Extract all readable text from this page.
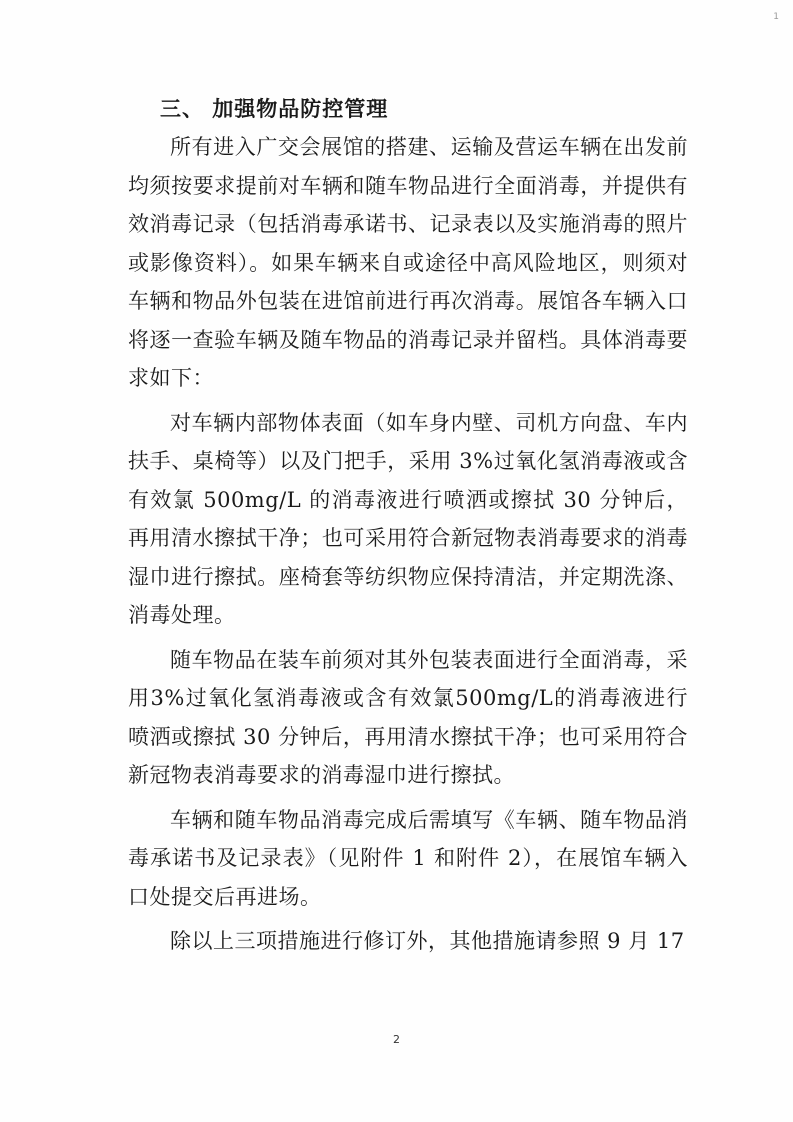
1
三、 加强物品防控管理

所有进入广交会展馆的搭建、运输及营运车辆在出发前均须按要求提前对车辆和随车物品进行全面消毒，并提供有效消毒记录（包括消毒承诺书、记录表以及实施消毒的照片或影像资料）。如果车辆来自或途径中高风险地区，则须对车辆和物品外包装在进馆前进行再次消毒。展馆各车辆入口将逐一查验车辆及随车物品的消毒记录并留档。具体消毒要求如下：

对车辆内部物体表面（如车身内壁、司机方向盘、车内扶手、桌椅等）以及门把手，采用 3%过氧化氢消毒液或含有效氯 500mg/L 的消毒液进行喷洒或擦拭 30 分钟后，再用清水擦拭干净；也可采用符合新冠物表消毒要求的消毒湿巾进行擦拭。座椅套等纺织物应保持清洁，并定期洗涤、消毒处理。

随车物品在装车前须对其外包装表面进行全面消毒，采用3%过氧化氢消毒液或含有效氯500mg/L的消毒液进行喷洒或擦拭 30 分钟后，再用清水擦拭干净；也可采用符合新冠物表消毒要求的消毒湿巾进行擦拭。

车辆和随车物品消毒完成后需填写《车辆、随车物品消毒承诺书及记录表》（见附件 1 和附件 2），在展馆车辆入口处提交后再进场。

除以上三项措施进行修订外，其他措施请参照 9 月 17

2
